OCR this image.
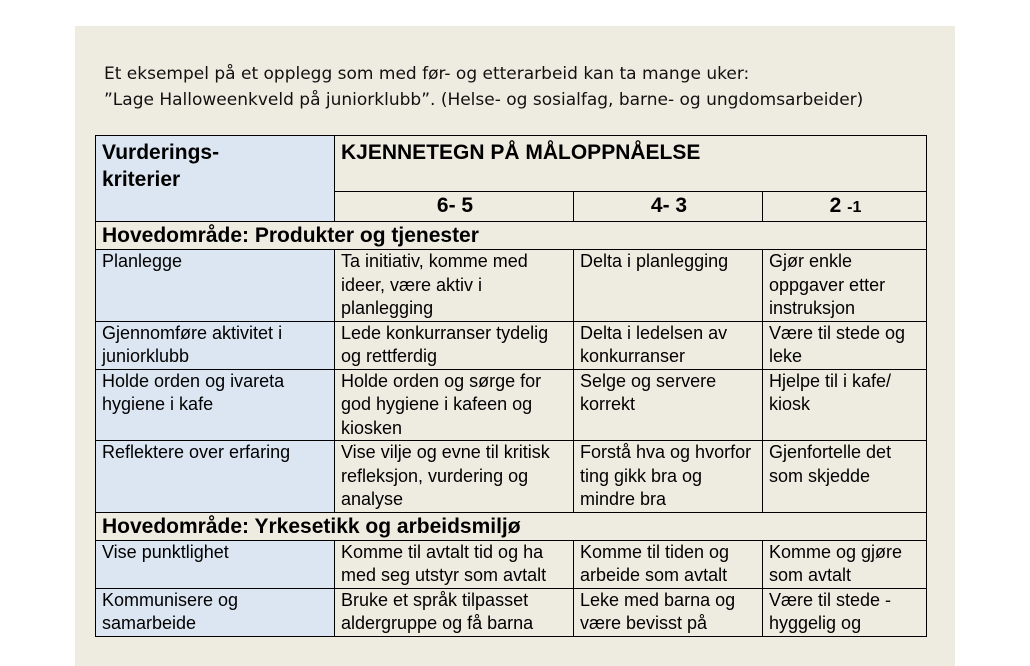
Et eksempel på et opplegg som med før- og etterarbeid kan ta mange uker:
”Lage Halloweenkveld på juniorklubb”. (Helse- og sosialfag, barne- og ungdomsarbeider)
Vurderings-
kriterier	KJENNETEGN PÅ MÅLOPPNÅELSE		
	6- 5	4- 3	2 -1
Hovedområde: Produkter og tjenester			
Planlegge	Ta initiativ, komme med ideer, være aktiv i planlegging	Delta i planlegging	Gjør enkle oppgaver etter instruksjon
Gjennomføre aktivitet i juniorklubb	Lede konkurranser tydelig og rettferdig	Delta i ledelsen av konkurranser	Være til stede og leke
Holde orden og ivareta hygiene i kafe	Holde orden og sørge for god hygiene i kafeen og kiosken	Selge og servere korrekt	Hjelpe til i kafe/ kiosk
Reflektere over erfaring	Vise vilje og evne til kritisk refleksjon, vurdering og analyse	Forstå hva og hvorfor ting gikk bra og mindre bra	Gjenfortelle det som skjedde
Hovedområde: Yrkesetikk og arbeidsmiljø			
Vise punktlighet	Komme til avtalt tid og ha med seg utstyr som avtalt	Komme til tiden og arbeide som avtalt	Komme og gjøre som avtalt
Kommunisere og samarbeide	Bruke et språk tilpasset aldergruppe og få barna	Leke med barna og være bevisst på	Være til stede - hyggelig og
